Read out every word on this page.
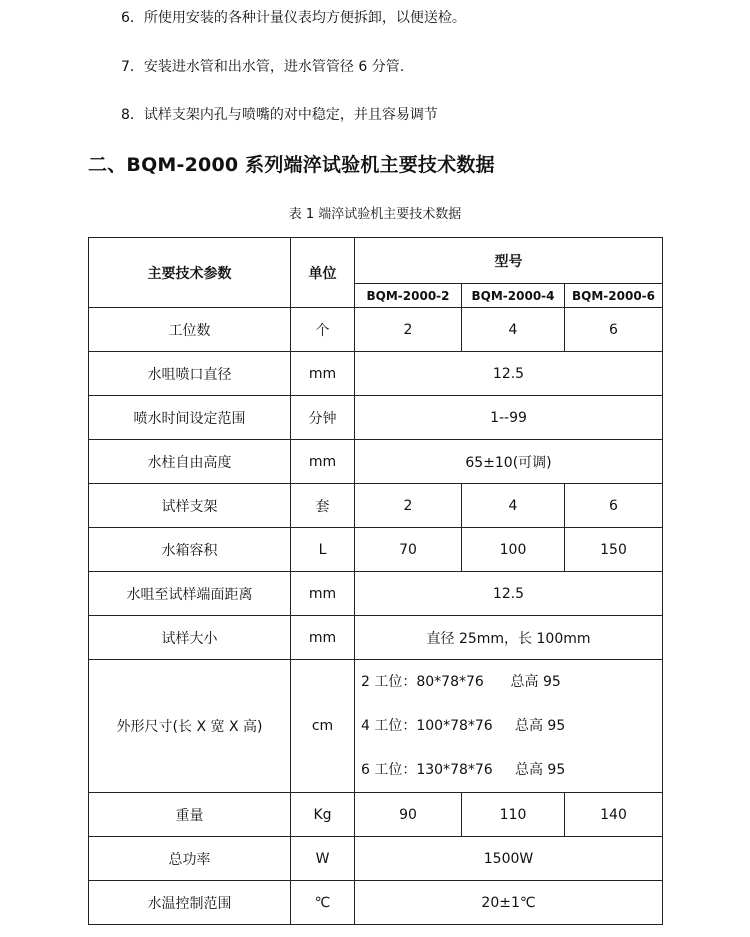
6．所使用安装的各种计量仪表均方便拆卸，以便送检。

7．安装进水管和出水管，进水管管径 6 分管.

8．试样支架内孔与喷嘴的对中稳定，并且容易调节

二、BQM-2000 系列端淬试验机主要技术数据

表 1 端淬试验机主要技术数据

主要技术参数	单位	型号		
		BQM-2000-2	BQM-2000-4	BQM-2000-6
工位数	个	2	4	6
水咀喷口直径	mm	12.5		
喷水时间设定范围	分钟	1--99		
水柱自由高度	mm	65±10(可调)		
试样支架	套	2	4	6
水箱容积	L	70	100	150
水咀至试样端面距离	mm	12.5		
试样大小	mm	直径 25mm，长 100mm		
外形尺寸(长 X 宽 X 高)	cm	2 工位：80*78*76      总高 95
4 工位：100*78*76     总高 95
6 工位：130*78*76     总高 95		

重量	Kg	90	110	140
总功率	W	1500W		
水温控制范围	℃	20±1℃		
